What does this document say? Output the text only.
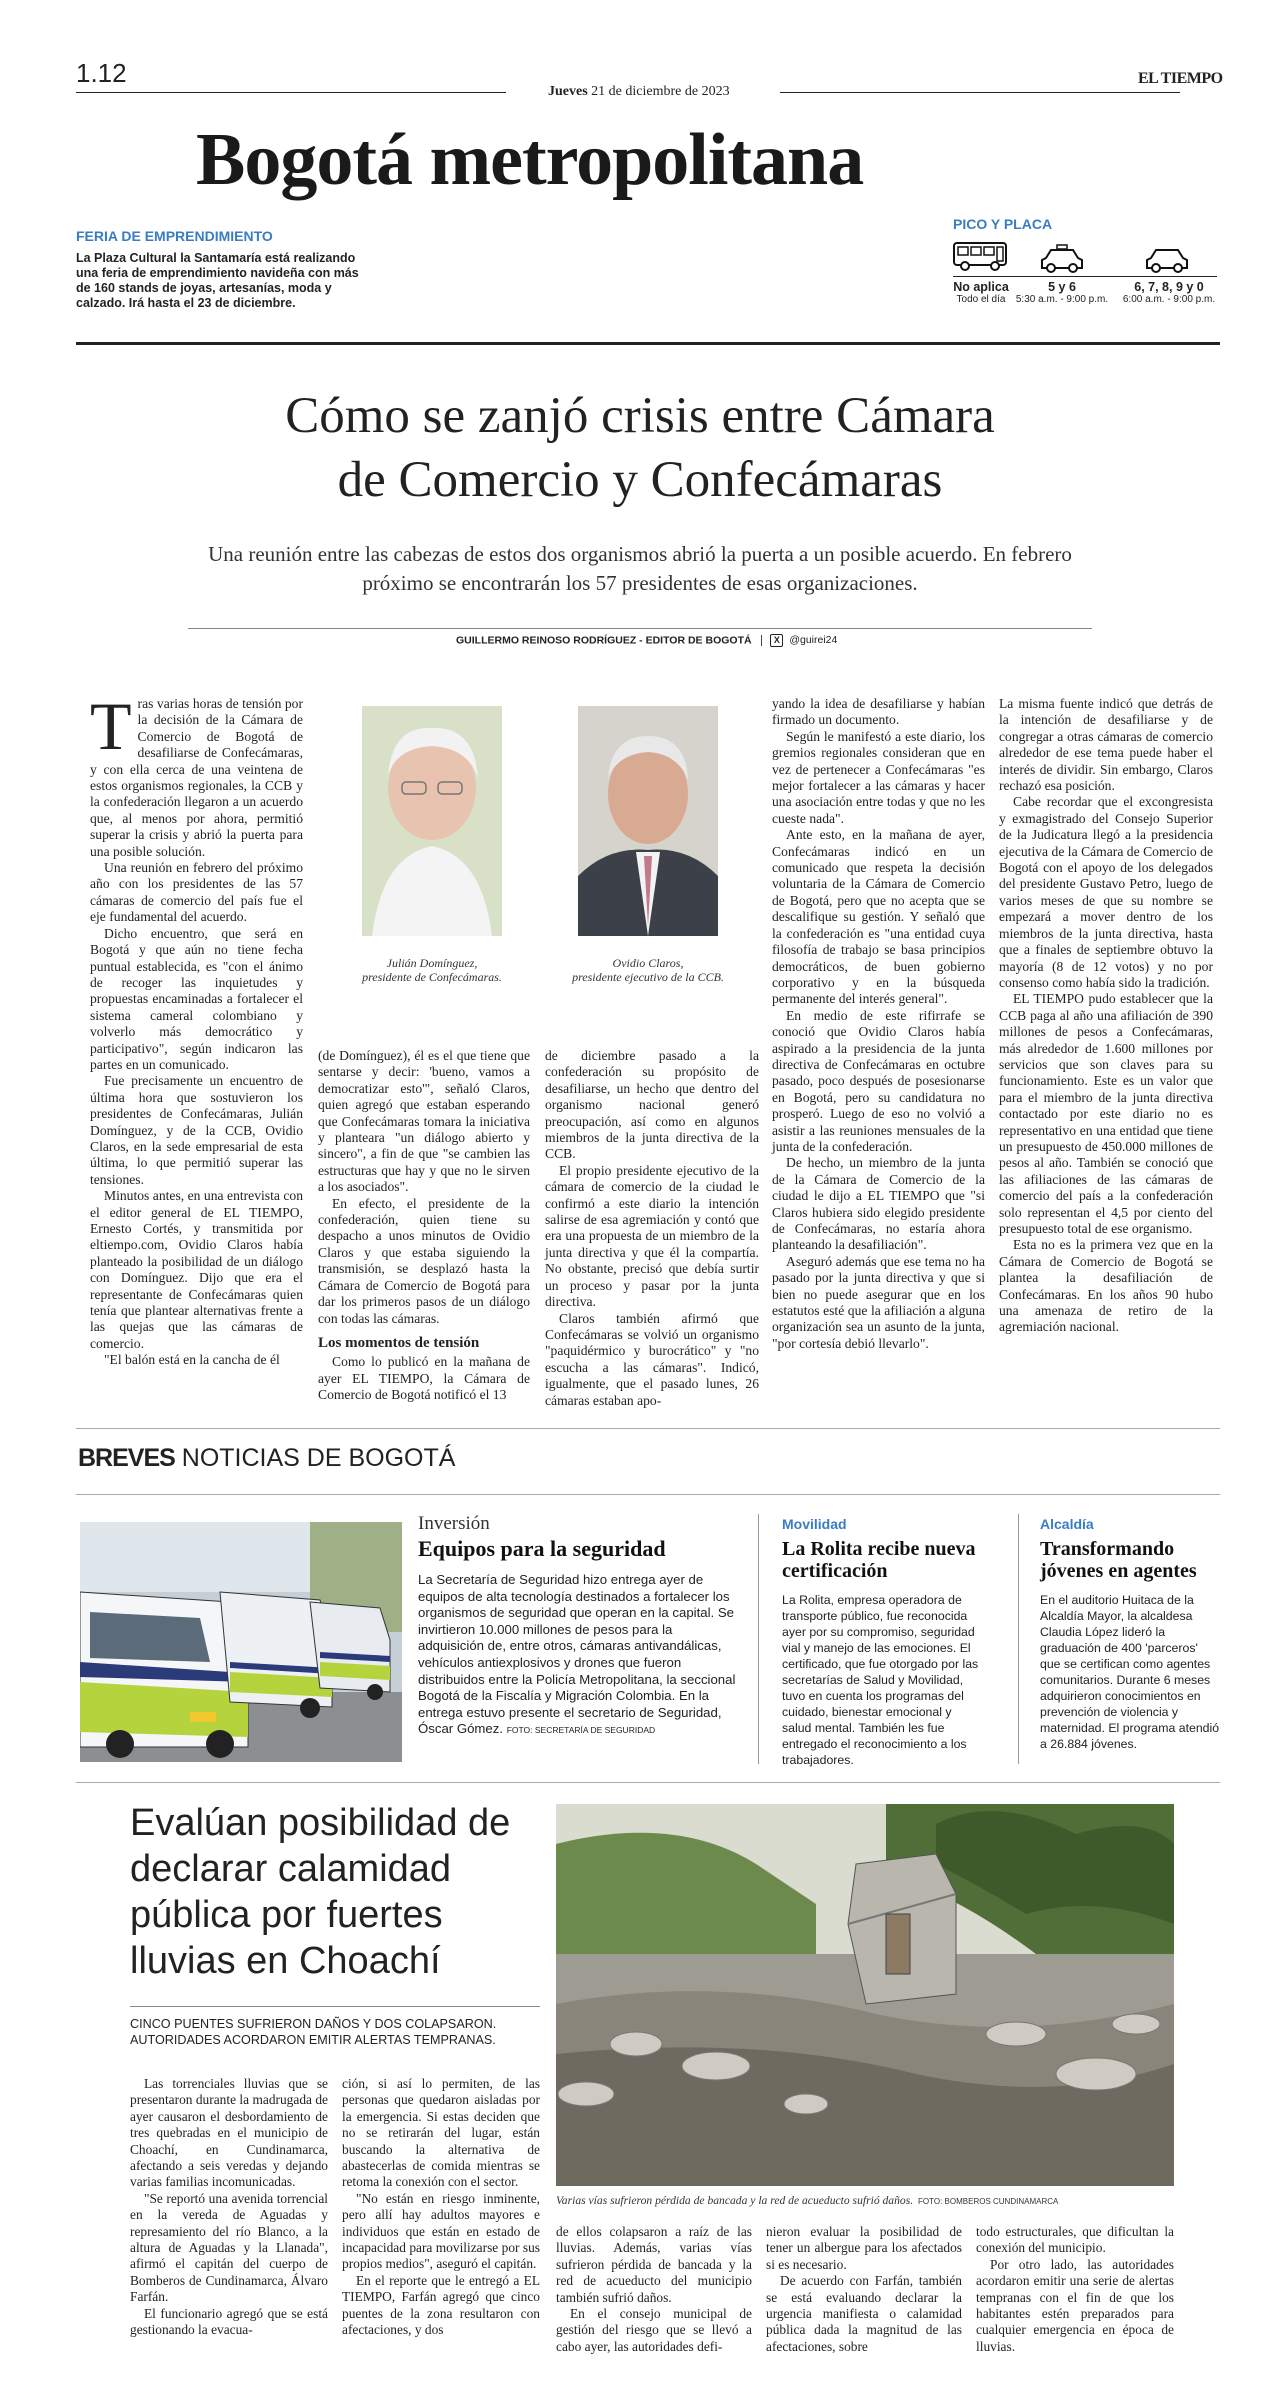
1.12
Jueves 21 de diciembre de 2023
EL TIEMPO
Bogotá metropolitana
FERIA DE EMPRENDIMIENTO
La Plaza Cultural la Santamaría está realizando una feria de emprendimiento navideña con más de 160 stands de joyas, artesanías, moda y calzado. Irá hasta el 23 de diciembre.
PICO Y PLACA
No aplica
Todo el día
5 y 6
5:30 a.m. - 9:00 p.m.
6, 7, 8, 9 y 0
6:00 a.m. - 9:00 p.m.
Cómo se zanjó crisis entre Cámara
de Comercio y Confecámaras
Una reunión entre las cabezas de estos dos organismos abrió la puerta a un posible acuerdo. En febrero próximo se encontrarán los 57 presidentes de esas organizaciones.
GUILLERMO REINOSO RODRÍGUEZ - EDITOR DE BOGOTÁ X @guirei24
Julián Domínguez,
presidente de Confecámaras.
Ovidio Claros,
presidente ejecutivo de la CCB.
T ras varias horas de tensión por la decisión de la Cámara de Comercio de Bogotá de desafiliarse de Confecámaras, y con ella cerca de una veintena de estos organismos regionales, la CCB y la confederación llegaron a un acuerdo que, al menos por ahora, permitió superar la crisis y abrió la puerta para una posible solución.

Una reunión en febrero del próximo año con los presidentes de las 57 cámaras de comercio del país fue el eje fundamental del acuerdo.

Dicho encuentro, que será en Bogotá y que aún no tiene fecha puntual establecida, es "con el ánimo de recoger las inquietudes y propuestas encaminadas a fortalecer el sistema cameral colombiano y volverlo más democrático y participativo", según indicaron las partes en un comunicado.

Fue precisamente un encuentro de última hora que sostuvieron los presidentes de Confecámaras, Julián Domínguez, y de la CCB, Ovidio Claros, en la sede empresarial de esta última, lo que permitió superar las tensiones.

Minutos antes, en una entrevista con el editor general de EL TIEMPO, Ernesto Cortés, y transmitida por eltiempo.com, Ovidio Claros había planteado la posibilidad de un diálogo con Domínguez. Dijo que era el representante de Confecámaras quien tenía que plantear alternativas frente a las quejas que las cámaras de comercio.

"El balón está en la cancha de él

(de Domínguez), él es el que tiene que sentarse y decir: 'bueno, vamos a democratizar esto'", señaló Claros, quien agregó que estaban esperando que Confecámaras tomara la iniciativa y planteara "un diálogo abierto y sincero", a fin de que "se cambien las estructuras que hay y que no le sirven a los asociados".

En efecto, el presidente de la confederación, quien tiene su despacho a unos minutos de Ovidio Claros y que estaba siguiendo la transmisión, se desplazó hasta la Cámara de Comercio de Bogotá para dar los primeros pasos de un diálogo con todas las cámaras.

Los momentos de tensión

Como lo publicó en la mañana de ayer EL TIEMPO, la Cámara de Comercio de Bogotá notificó el 13

de diciembre pasado a la confederación su propósito de desafiliarse, un hecho que dentro del organismo nacional generó preocupación, así como en algunos miembros de la junta directiva de la CCB.

El propio presidente ejecutivo de la cámara de comercio de la ciudad le confirmó a este diario la intención salirse de esa agremiación y contó que era una propuesta de un miembro de la junta directiva y que él la compartía. No obstante, precisó que debía surtir un proceso y pasar por la junta directiva.

Claros también afirmó que Confecámaras se volvió un organismo "paquidérmico y burocrático" y "no escucha a las cámaras". Indicó, igualmente, que el pasado lunes, 26 cámaras estaban apo-

yando la idea de desafiliarse y habían firmado un documento.

Según le manifestó a este diario, los gremios regionales consideran que en vez de pertenecer a Confecámaras "es mejor fortalecer a las cámaras y hacer una asociación entre todas y que no les cueste nada".

Ante esto, en la mañana de ayer, Confecámaras indicó en un comunicado que respeta la decisión voluntaria de la Cámara de Comercio de Bogotá, pero que no acepta que se descalifique su gestión. Y señaló que la confederación es "una entidad cuya filosofía de trabajo se basa principios democráticos, de buen gobierno corporativo y en la búsqueda permanente del interés general".

En medio de este rifirrafe se conoció que Ovidio Claros había aspirado a la presidencia de la junta directiva de Confecámaras en octubre pasado, poco después de posesionarse en Bogotá, pero su candidatura no prosperó. Luego de eso no volvió a asistir a las reuniones mensuales de la junta de la confederación.

De hecho, un miembro de la junta de la Cámara de Comercio de la ciudad le dijo a EL TIEMPO que "si Claros hubiera sido elegido presidente de Confecámaras, no estaría ahora planteando la desafiliación".

Aseguró además que ese tema no ha pasado por la junta directiva y que si bien no puede asegurar que en los estatutos esté que la afiliación a alguna organización sea un asunto de la junta, "por cortesía debió llevarlo".

La misma fuente indicó que detrás de la intención de desafiliarse y de congregar a otras cámaras de comercio alrededor de ese tema puede haber el interés de dividir. Sin embargo, Claros rechazó esa posición.

Cabe recordar que el excongresista y exmagistrado del Consejo Superior de la Judicatura llegó a la presidencia ejecutiva de la Cámara de Comercio de Bogotá con el apoyo de los delegados del presidente Gustavo Petro, luego de varios meses de que su nombre se empezará a mover dentro de los miembros de la junta directiva, hasta que a finales de septiembre obtuvo la mayoría (8 de 12 votos) y no por consenso como había sido la tradición.

EL TIEMPO pudo establecer que la CCB paga al año una afiliación de 390 millones de pesos a Confecámaras, más alrededor de 1.600 millones por servicios que son claves para su funcionamiento. Este es un valor que para el miembro de la junta directiva contactado por este diario no es representativo en una entidad que tiene un presupuesto de 450.000 millones de pesos al año. También se conoció que las afiliaciones de las cámaras de comercio del país a la confederación solo representan el 4,5 por ciento del presupuesto total de ese organismo.

Esta no es la primera vez que en la Cámara de Comercio de Bogotá se plantea la desafiliación de Confecámaras. En los años 90 hubo una amenaza de retiro de la agremiación nacional.

BREVES NOTICIAS DE BOGOTÁ
Inversión
Equipos para la seguridad
La Secretaría de Seguridad hizo entrega ayer de equipos de alta tecnología destinados a fortalecer los organismos de seguridad que operan en la capital. Se invirtieron 10.000 millones de pesos para la adquisición de, entre otros, cámaras antivandálicas, vehículos antiexplosivos y drones que fueron distribuidos entre la Policía Metropolitana, la seccional Bogotá de la Fiscalía y Migración Colombia. En la entrega estuvo presente el secretario de Seguridad, Óscar Gómez. FOTO: SECRETARÍA DE SEGURIDAD
Movilidad
La Rolita recibe nueva certificación
La Rolita, empresa operadora de transporte público, fue reconocida ayer por su compromiso, seguridad vial y manejo de las emociones. El certificado, que fue otorgado por las secretarías de Salud y Movilidad, tuvo en cuenta los programas del cuidado, bienestar emocional y salud mental. También les fue entregado el reconocimiento a los trabajadores.
Alcaldía
Transformando jóvenes en agentes
En el auditorio Huitaca de la Alcaldía Mayor, la alcaldesa Claudia López lideró la graduación de 400 'parceros' que se certifican como agentes comunitarios. Durante 6 meses adquirieron conocimientos en prevención de violencia y maternidad. El programa atendió a 26.884 jóvenes.
Evalúan posibilidad de declarar calamidad pública por fuertes lluvias en Choachí
CINCO PUENTES SUFRIERON DAÑOS Y DOS COLAPSARON. AUTORIDADES ACORDARON EMITIR ALERTAS TEMPRANAS.
Varias vías sufrieron pérdida de bancada y la red de acueducto sufrió daños. FOTO: BOMBEROS CUNDINAMARCA

Las torrenciales lluvias que se presentaron durante la madrugada de ayer causaron el desbordamiento de tres quebradas en el municipio de Choachí, en Cundinamarca, afectando a seis veredas y dejando varias familias incomunicadas.

"Se reportó una avenida torrencial en la vereda de Aguadas y represamiento del río Blanco, a la altura de Aguadas y la Llanada", afirmó el capitán del cuerpo de Bomberos de Cundinamarca, Álvaro Farfán.

El funcionario agregó que se está gestionando la evacua-

ción, si así lo permiten, de las personas que quedaron aisladas por la emergencia. Si estas deciden que no se retirarán del lugar, están buscando la alternativa de abastecerlas de comida mientras se retoma la conexión con el sector.

"No están en riesgo inminente, pero allí hay adultos mayores e individuos que están en estado de incapacidad para movilizarse por sus propios medios", aseguró el capitán.

En el reporte que le entregó a EL TIEMPO, Farfán agregó que cinco puentes de la zona resultaron con afectaciones, y dos

de ellos colapsaron a raíz de las lluvias. Además, varias vías sufrieron pérdida de bancada y la red de acueducto del municipio también sufrió daños.

En el consejo municipal de gestión del riesgo que se llevó a cabo ayer, las autoridades defi-

nieron evaluar la posibilidad de tener un albergue para los afectados si es necesario.

De acuerdo con Farfán, también se está evaluando declarar la urgencia manifiesta o calamidad pública dada la magnitud de las afectaciones, sobre

todo estructurales, que dificultan la conexión del municipio.

Por otro lado, las autoridades acordaron emitir una serie de alertas tempranas con el fin de que los habitantes estén preparados para cualquier emergencia en época de lluvias.
